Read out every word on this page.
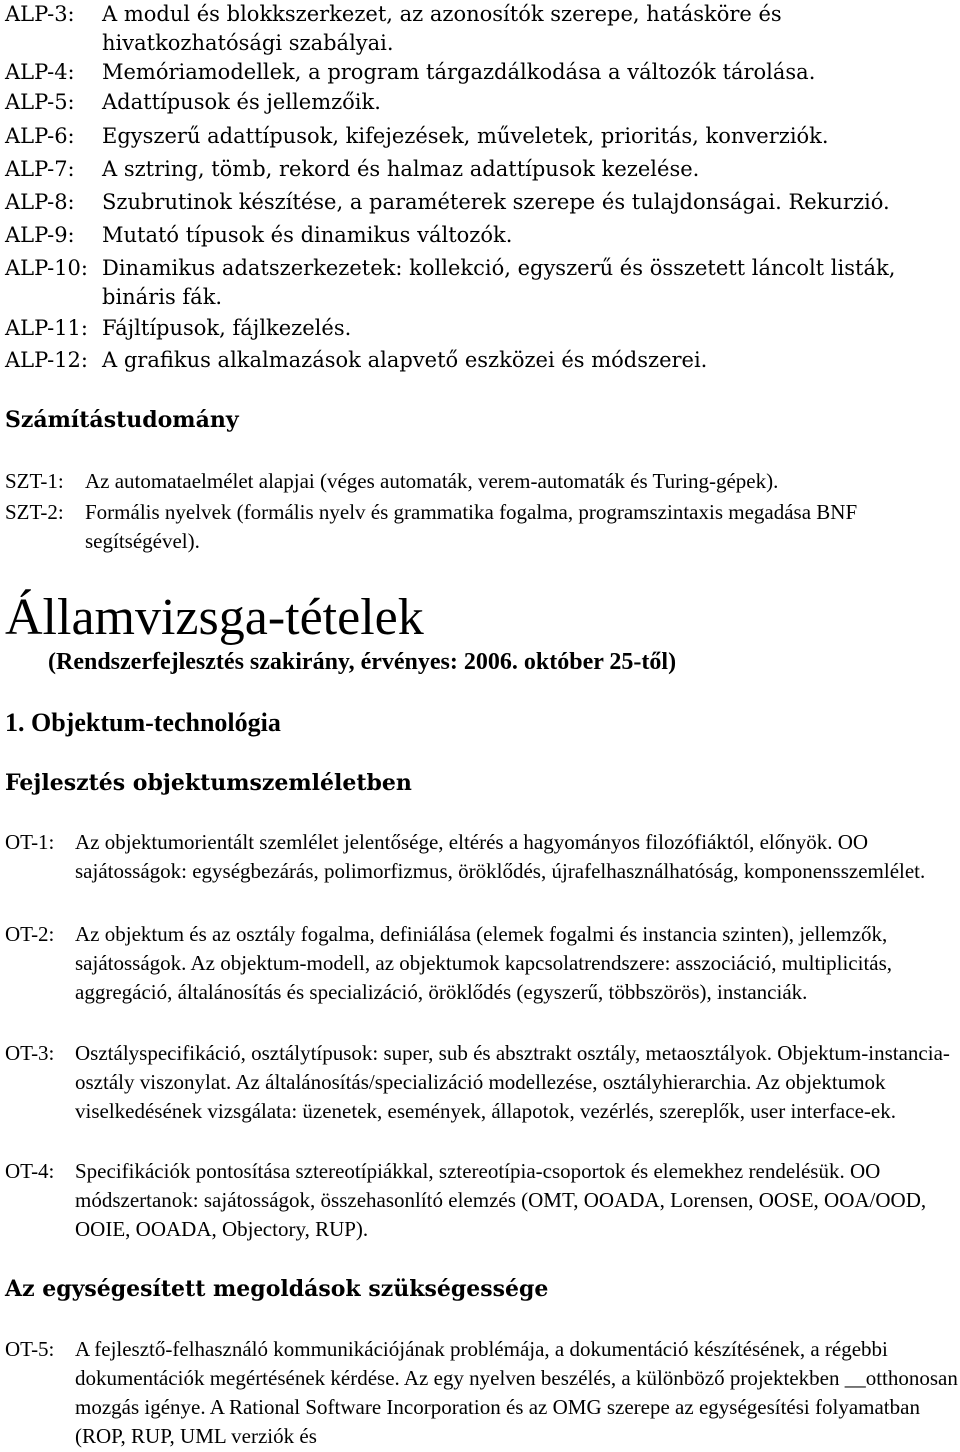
ALP-3: A modul és blokkszerkezet, az azonosítók szerepe, hatásköre és hivatkozhatósági szabályai.
ALP-4: Memóriamodellek, a program tárgazdálkodása a változók tárolása.
ALP-5: Adattípusok és jellemzőik.
ALP-6: Egyszerű adattípusok, kifejezések, műveletek, prioritás, konverziók.
ALP-7: A sztring, tömb, rekord és halmaz adattípusok kezelése.
ALP-8: Szubrutinok készítése, a paraméterek szerepe és tulajdonságai. Rekurzió.
ALP-9: Mutató típusok és dinamikus változók.
ALP-10: Dinamikus adatszerkezetek: kollekció, egyszerű és összetett láncolt listák, bináris fák.
ALP-11: Fájltípusok, fájlkezelés.
ALP-12: A grafikus alkalmazások alapvető eszközei és módszerei.
Számítástudomány
SZT-1: Az automataelmélet alapjai (véges automaták, verem-automaták és Turing-gépek).
SZT-2: Formális nyelvek (formális nyelv és grammatika fogalma, programszintaxis megadása BNF segítségével).
Államvizsga-tételek
(Rendszerfejlesztés szakirány, érvényes: 2006. október 25-től)
1. Objektum-technológia
Fejlesztés objektumszemléletben
OT-1: Az objektumorientált szemlélet jelentősége, eltérés a hagyományos filozófiáktól, előnyök. OO sajátosságok: egységbezárás, polimorfizmus, öröklődés, újrafelhasználhatóság, komponensszemlélet.
OT-2: Az objektum és az osztály fogalma, definiálása (elemek fogalmi és instancia szinten), jellemzők, sajátosságok. Az objektum-modell, az objektumok kapcsolatrendszere: asszociáció, multiplicitás, aggregáció, általánosítás és specializáció, öröklődés (egyszerű, többszörös), instanciák.
OT-3: Osztályspecifikáció, osztálytípusok: super, sub és absztrakt osztály, metaosztályok. Objektum-instancia-osztály viszonylat. Az általánosítás/specializáció modellezése, osztályhierarchia. Az objektumok viselkedésének vizsgálata: üzenetek, események, állapotok, vezérlés, szereplők, user interface-ek.
OT-4: Specifikációk pontosítása sztereotípiákkal, sztereotípia-csoportok és elemekhez rendelésük. OO módszertanok: sajátosságok, összehasonlító elemzés (OMT, OOADA, Lorensen, OOSE, OOA/OOD, OOIE, OOADA, Objectory, RUP).
Az egységesített megoldások szükségessége
OT-5: A fejlesztő-felhasználó kommunikációjának problémája, a dokumentáció készítésének, a régebbi dokumentációk megértésének kérdése. Az egy nyelven beszélés, a különböző projektekben __otthonosan mozgás igénye. A Rational Software Incorporation és az OMG szerepe az egységesítési folyamatban (ROP, RUP, UML verziók és
